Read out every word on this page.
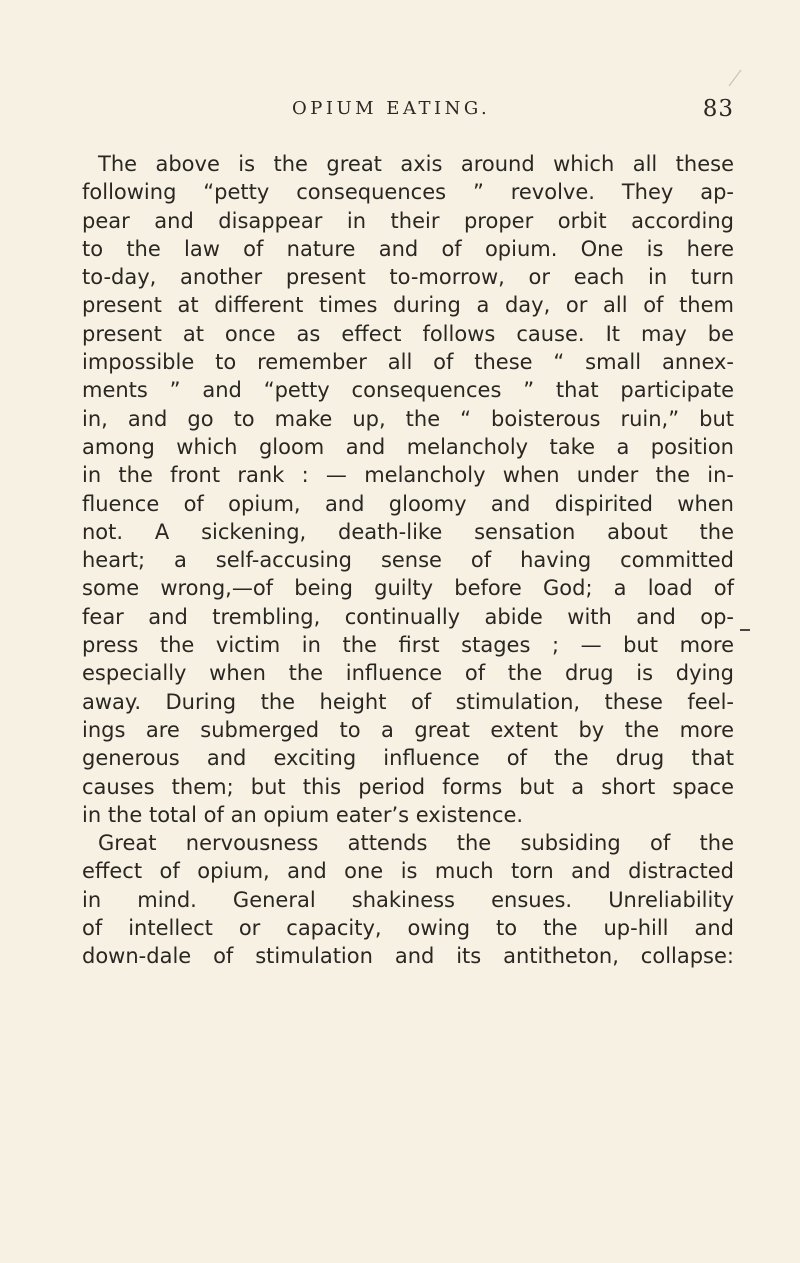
OPIUM EATING.	83
The above is the great axis around which all these
following “petty consequences ” revolve. They ap-
pear and disappear in their proper orbit according
to the law of nature and of opium. One is here
to-day, another present to-morrow, or each in turn
present at different times during a day, or all of them
present at once as effect follows cause. It may be
impossible to remember all of these “ small annex-
ments ” and “petty consequences ” that participate
in, and go to make up, the “ boisterous ruin,” but
among which gloom and melancholy take a position
in the front rank : — melancholy when under the in-
fluence of opium, and gloomy and dispirited when
not. A sickening, death-like sensation about the
heart; a self-accusing sense of having committed
some wrong,—of being guilty before God; a load of
fear and trembling, continually abide with and op-
press the victim in the first stages ; — but more
especially when the influence of the drug is dying
away. During the height of stimulation, these feel-
ings are submerged to a great extent by the more
generous and exciting influence of the drug that
causes them; but this period forms but a short space
in the total of an opium eater’s existence.
Great nervousness attends the subsiding of the
effect of opium, and one is much torn and distracted
in mind. General shakiness ensues. Unreliability
of intellect or capacity, owing to the up-hill and
down-dale of stimulation and its antitheton, collapse:
